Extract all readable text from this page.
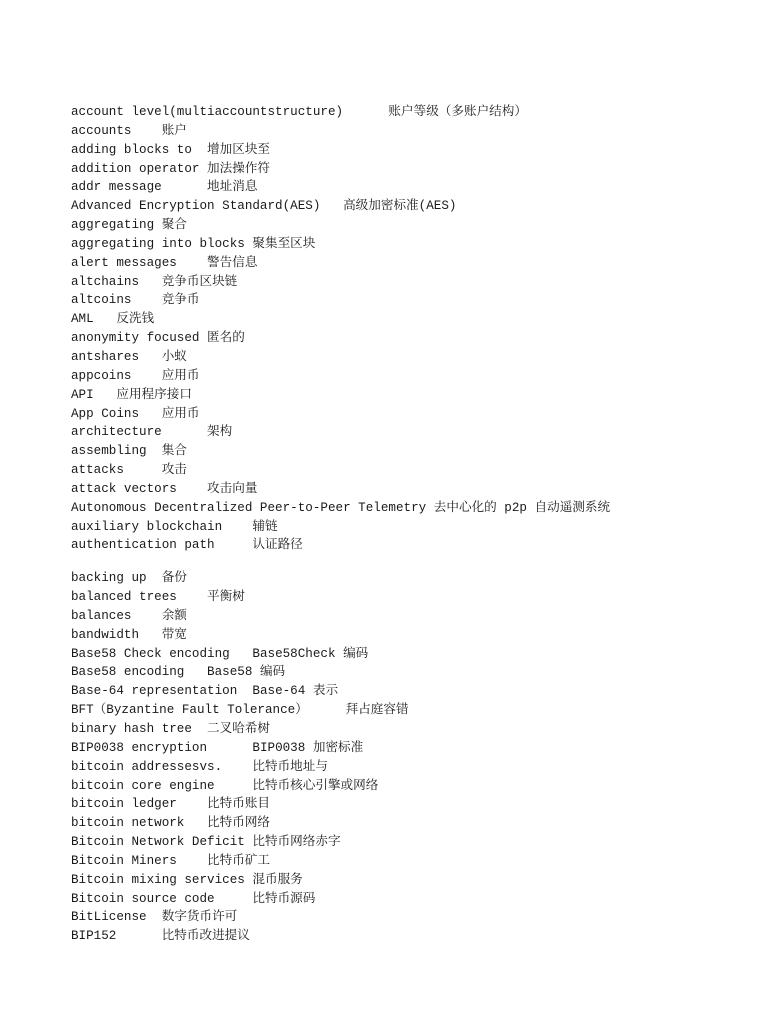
account level(multiaccountstructure)      账户等级（多账户结构）
accounts    账户
adding blocks to  增加区块至
addition operator 加法操作符
addr message      地址消息
Advanced Encryption Standard(AES)   高级加密标准(AES)
aggregating 聚合
aggregating into blocks 聚集至区块
alert messages    警告信息
altchains   竞争币区块链
altcoins    竞争币
AML   反洗钱
anonymity focused 匿名的
antshares   小蚁
appcoins    应用币
API   应用程序接口
App Coins   应用币
architecture      架构
assembling  集合
attacks     攻击
attack vectors    攻击向量
Autonomous Decentralized Peer-to-Peer Telemetry 去中心化的 p2p 自动遥测系统
auxiliary blockchain    辅链
authentication path     认证路径
backing up  备份
balanced trees    平衡树
balances    余额
bandwidth   带宽
Base58 Check encoding   Base58Check 编码
Base58 encoding   Base58 编码
Base-64 representation  Base-64 表示
BFT（Byzantine Fault Tolerance）     拜占庭容错
binary hash tree  二叉哈希树
BIP0038 encryption      BIP0038 加密标准
bitcoin addressesvs.    比特币地址与
bitcoin core engine     比特币核心引擎或网络
bitcoin ledger    比特币账目
bitcoin network   比特币网络
Bitcoin Network Deficit 比特币网络赤字
Bitcoin Miners    比特币矿工
Bitcoin mixing services 混币服务
Bitcoin source code     比特币源码
BitLicense  数字货币许可
BIP152      比特币改进提议
